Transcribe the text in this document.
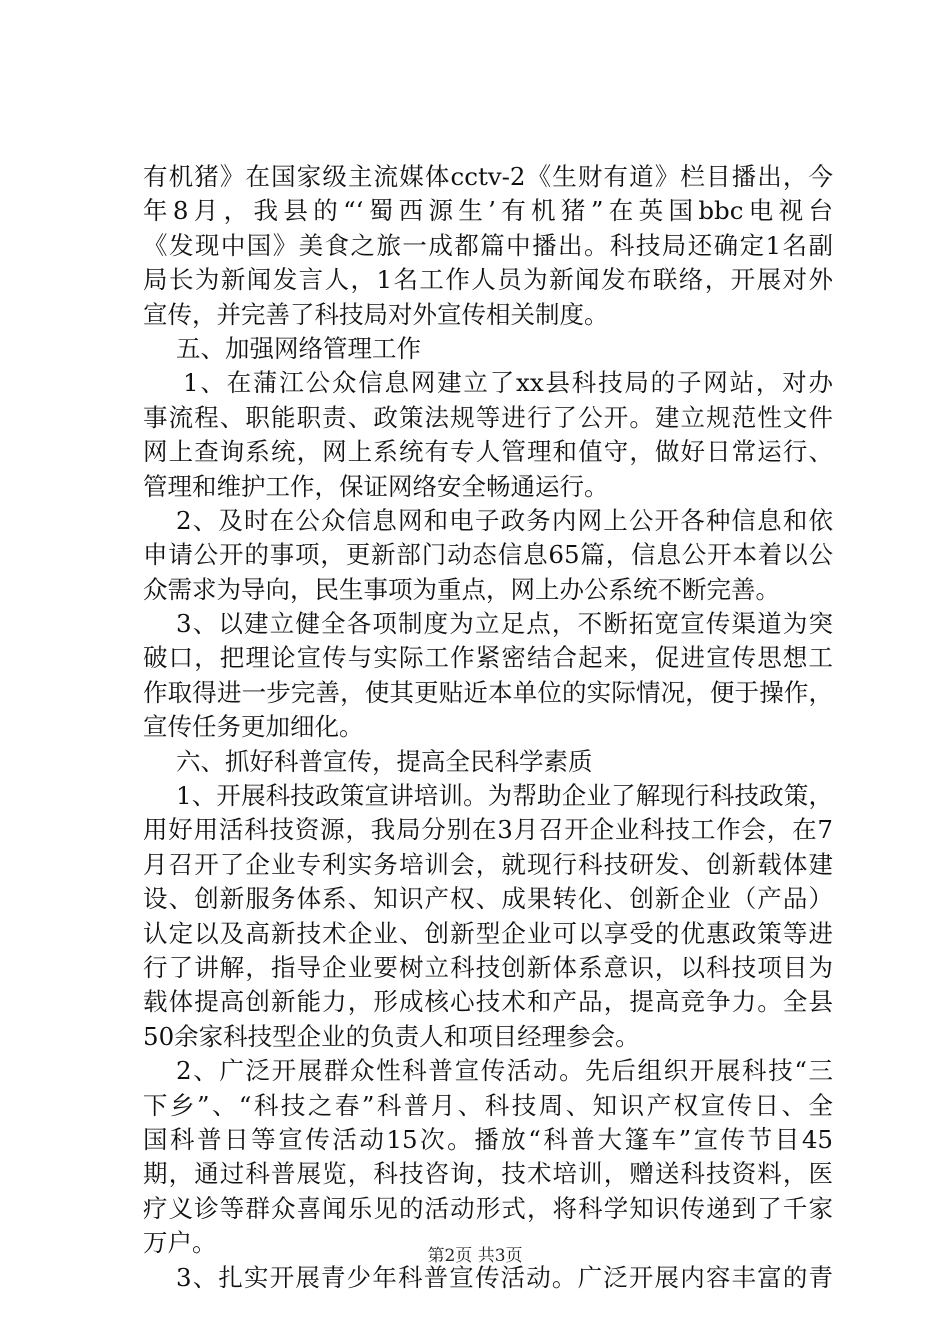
有机猪》在国家级主流媒体cctv-2《生财有道》栏目播出，今
年8月，我县的“‘蜀西源生’有机猪”在英国bbc电视台
《发现中国》美食之旅一成都篇中播出。科技局还确定1名副
局长为新闻发言人，1名工作人员为新闻发布联络，开展对外
宣传，并完善了科技局对外宣传相关制度。
五、加强网络管理工作
1、在蒲江公众信息网建立了xx县科技局的子网站，对办
事流程、职能职责、政策法规等进行了公开。建立规范性文件
网上查询系统，网上系统有专人管理和值守，做好日常运行、
管理和维护工作，保证网络安全畅通运行。
2、及时在公众信息网和电子政务内网上公开各种信息和依
申请公开的事项，更新部门动态信息65篇，信息公开本着以公
众需求为导向，民生事项为重点，网上办公系统不断完善。
3、以建立健全各项制度为立足点，不断拓宽宣传渠道为突
破口，把理论宣传与实际工作紧密结合起来，促进宣传思想工
作取得进一步完善，使其更贴近本单位的实际情况，便于操作，
宣传任务更加细化。
六、抓好科普宣传，提高全民科学素质
1、开展科技政策宣讲培训。为帮助企业了解现行科技政策，
用好用活科技资源，我局分别在3月召开企业科技工作会，在7
月召开了企业专利实务培训会，就现行科技研发、创新载体建
设、创新服务体系、知识产权、成果转化、创新企业（产品）
认定以及高新技术企业、创新型企业可以享受的优惠政策等进
行了讲解，指导企业要树立科技创新体系意识，以科技项目为
载体提高创新能力，形成核心技术和产品，提高竞争力。全县
50余家科技型企业的负责人和项目经理参会。
2、广泛开展群众性科普宣传活动。先后组织开展科技“三
下乡”、“科技之春”科普月、科技周、知识产权宣传日、全
国科普日等宣传活动15次。播放“科普大篷车”宣传节目45
期，通过科普展览，科技咨询，技术培训，赠送科技资料，医
疗义诊等群众喜闻乐见的活动形式，将科学知识传递到了千家
万户。
3、扎实开展青少年科普宣传活动。广泛开展内容丰富的青
第2页 共3页
